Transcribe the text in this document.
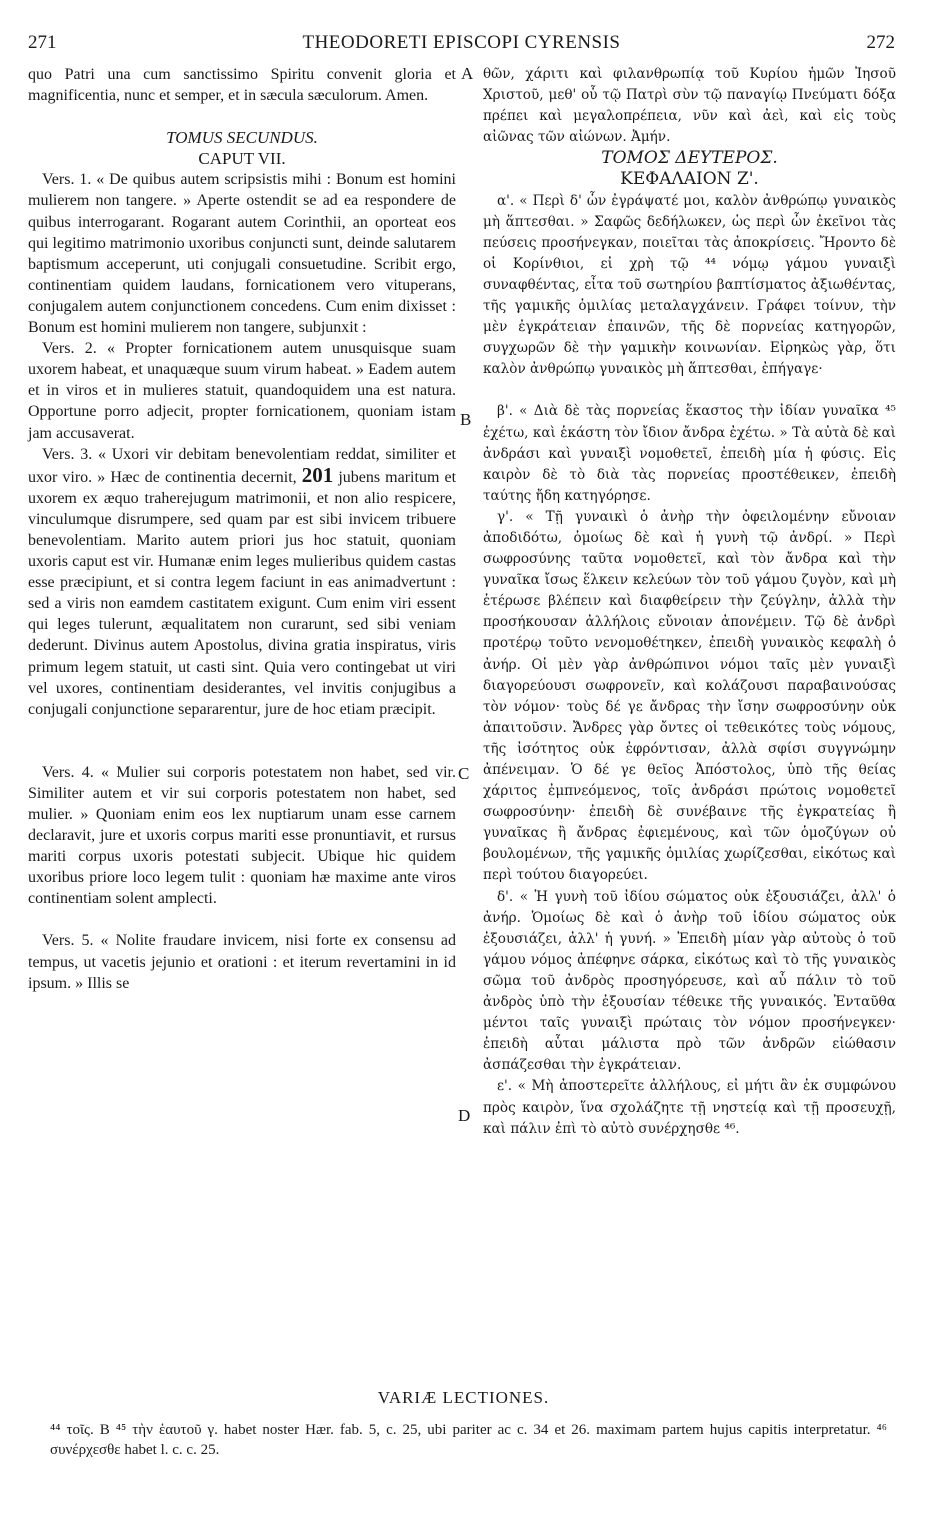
271	THEODORETI EPISCOPI CYRENSIS	272

quo Patri una cum sanctissimo Spiritu convenit gloria et magnificentia, nunc et semper, et in sæcula sæculorum. Amen.

TOMUS SECUNDUS.

CAPUT VII.

Vers. 1. « De quibus autem scripsistis mihi : Bonum est homini mulierem non tangere. » Aperte ostendit se ad ea respondere de quibus interrogarant. Rogarant autem Corinthii, an oporteat eos qui legitimo matrimonio uxoribus conjuncti sunt, deinde salutarem baptismum acceperunt, uti conjugali consuetudine. Scribit ergo, continentiam quidem laudans, fornicationem vero vituperans, conjugalem autem conjunctionem concedens. Cum enim dixisset : Bonum est homini mulierem non tangere, subjunxit :

Vers. 2. « Propter fornicationem autem unusquisque suam uxorem habeat, et unaquæque suum virum habeat. » Eadem autem et in viros et in mulieres statuit, quandoquidem una est natura. Opportune porro adjecit, propter fornicationem, quoniam istam jam accusaverat.

Vers. 3. « Uxori vir debitam benevolentiam reddat, similiter et uxor viro. » Hæc de continentia decernit, 201 jubens maritum et uxorem ex æquo traherejugum matrimonii, et non alio respicere, vinculumque disrumpere, sed quam par est sibi invicem tribuere benevolentiam. Marito autem priori jus hoc statuit, quoniam uxoris caput est vir. Humanæ enim leges mulieribus quidem castas esse præcipiunt, et si contra legem faciunt in eas animadvertunt : sed a viris non eamdem castitatem exigunt. Cum enim viri essent qui leges tulerunt, æqualitatem non curarunt, sed sibi veniam dederunt. Divinus autem Apostolus, divina gratia inspiratus, viris primum legem statuit, ut casti sint. Quia vero contingebat ut viri vel uxores, continentiam desiderantes, vel invitis conjugibus a conjugali conjunctione separarentur, jure de hoc etiam præcipit.

Vers. 4. « Mulier sui corporis potestatem non habet, sed vir. Similiter autem et vir sui corporis potestatem non habet, sed mulier. » Quoniam enim eos lex nuptiarum unam esse carnem declaravit, jure et uxoris corpus mariti esse pronuntiavit, et rursus mariti corpus uxoris potestati subjecit. Ubique hic quidem uxoribus priore loco legem tulit : quoniam hæ maxime ante viros continentiam solent amplecti.

Vers. 5. « Nolite fraudare invicem, nisi forte ex consensu ad tempus, ut vacetis jejunio et orationi : et iterum revertamini in id ipsum. » Illis se

θῶν, χάριτι καὶ φιλανθρωπίᾳ τοῦ Κυρίου ἡμῶν Ἰησοῦ Χριστοῦ, μεθ' οὗ τῷ Πατρὶ σὺν τῷ παναγίῳ Πνεύματι δόξα πρέπει καὶ μεγαλοπρέπεια, νῦν καὶ ἀεὶ, καὶ εἰς τοὺς αἰῶνας τῶν αἰώνων. Ἀμήν.

ΤΟΜΟΣ ΔΕΥΤΕΡΟΣ.

ΚΕΦΑΛΑΙΟΝ Ζ'.

α'. « Περὶ δ' ὧν ἐγράψατέ μοι, καλὸν ἀνθρώπῳ γυναικὸς μὴ ἅπτεσθαι. » Σαφῶς δεδήλωκεν, ὡς περὶ ὧν ἐκεῖνοι τὰς πεύσεις προσήνεγκαν, ποιεῖται τὰς ἀποκρίσεις. Ἤροντο δὲ οἱ Κορίνθιοι, εἰ χρὴ τῷ ⁴⁴ νόμῳ γάμου γυναιξὶ συναφθέντας, εἶτα τοῦ σωτηρίου βαπτίσματος ἀξιωθέντας, τῆς γαμικῆς ὁμιλίας μεταλαγχάνειν. Γράφει τοίνυν, τὴν μὲν ἐγκράτειαν ἐπαινῶν, τῆς δὲ πορνείας κατηγορῶν, συγχωρῶν δὲ τὴν γαμικὴν κοινωνίαν. Εἰρηκὼς γὰρ, ὅτι καλὸν ἀνθρώπῳ γυναικὸς μὴ ἅπτεσθαι, ἐπήγαγε·

β'. « Διὰ δὲ τὰς πορνείας ἕκαστος τὴν ἰδίαν γυναῖκα ⁴⁵ ἐχέτω, καὶ ἑκάστη τὸν ἴδιον ἄνδρα ἐχέτω. » Τὰ αὐτὰ δὲ καὶ ἀνδράσι καὶ γυναιξὶ νομοθετεῖ, ἐπειδὴ μία ἡ φύσις. Εἰς καιρὸν δὲ τὸ διὰ τὰς πορνείας προστέθεικεν, ἐπειδὴ ταύτης ἤδη κατηγόρησε.

γ'. « Τῇ γυναικὶ ὁ ἀνὴρ τὴν ὀφειλομένην εὔνοιαν ἀποδιδότω, ὁμοίως δὲ καὶ ἡ γυνὴ τῷ ἀνδρί. » Περὶ σωφροσύνης ταῦτα νομοθετεῖ, καὶ τὸν ἄνδρα καὶ τὴν γυναῖκα ἴσως ἕλκειν κελεύων τὸν τοῦ γάμου ζυγὸν, καὶ μὴ ἑτέρωσε βλέπειν καὶ διαφθείρειν τὴν ζεύγλην, ἀλλὰ τὴν προσήκουσαν ἀλλήλοις εὔνοιαν ἀπονέμειν. Τῷ δὲ ἀνδρὶ προτέρῳ τοῦτο νενομοθέτηκεν, ἐπειδὴ γυναικὸς κεφαλὴ ὁ ἀνήρ. Οἱ μὲν γὰρ ἀνθρώπινοι νόμοι ταῖς μὲν γυναιξὶ διαγορεύουσι σωφρονεῖν, καὶ κολάζουσι παραβαινούσας τὸν νόμον· τοὺς δέ γε ἄνδρας τὴν ἴσην σωφροσύνην οὐκ ἀπαιτοῦσιν. Ἄνδρες γὰρ ὄντες οἱ τεθεικότες τοὺς νόμους, τῆς ἰσότητος οὐκ ἐφρόντισαν, ἀλλὰ σφίσι συγγνώμην ἀπένειμαν. Ὁ δέ γε θεῖος Ἀπόστολος, ὑπὸ τῆς θείας χάριτος ἐμπνεόμενος, τοῖς ἀνδράσι πρώτοις νομοθετεῖ σωφροσύνην· ἐπειδὴ δὲ συνέβαινε τῆς ἐγκρατείας ἢ γυναῖκας ἢ ἄνδρας ἐφιεμένους, καὶ τῶν ὁμοζύγων οὐ βουλομένων, τῆς γαμικῆς ὁμιλίας χωρίζεσθαι, εἰκότως καὶ περὶ τούτου διαγορεύει.

δ'. « Ἡ γυνὴ τοῦ ἰδίου σώματος οὐκ ἐξουσιάζει, ἀλλ' ὁ ἀνήρ. Ὁμοίως δὲ καὶ ὁ ἀνὴρ τοῦ ἰδίου σώματος οὐκ ἐξουσιάζει, ἀλλ' ἡ γυνή. » Ἐπειδὴ μίαν γὰρ αὐτοὺς ὁ τοῦ γάμου νόμος ἀπέφηνε σάρκα, εἰκότως καὶ τὸ τῆς γυναικὸς σῶμα τοῦ ἀνδρὸς προσηγόρευσε, καὶ αὖ πάλιν τὸ τοῦ ἀνδρὸς ὑπὸ τὴν ἐξουσίαν τέθεικε τῆς γυναικός. Ἐνταῦθα μέντοι ταῖς γυναιξὶ πρώταις τὸν νόμον προσήνεγκεν· ἐπειδὴ αὗται μάλιστα πρὸ τῶν ἀνδρῶν εἰώθασιν ἀσπάζεσθαι τὴν ἐγκράτειαν.

ε'. « Μὴ ἀποστερεῖτε ἀλλήλους, εἰ μήτι ἂν ἐκ συμφώνου πρὸς καιρὸν, ἵνα σχολάζητε τῇ νηστείᾳ καὶ τῇ προσευχῇ, καὶ πάλιν ἐπὶ τὸ αὐτὸ συνέρχησθε ⁴⁶.

A
B
C
D
VARIÆ LECTIONES.
⁴⁴ τοῖς. B ⁴⁵ τὴν ἑαυτοῦ γ. habet noster Hær. fab. 5, c. 25, ubi pariter ac c. 34 et 26. maximam partem hujus capitis interpretatur. ⁴⁶ συνέρχεσθε habet l. c. c. 25.
